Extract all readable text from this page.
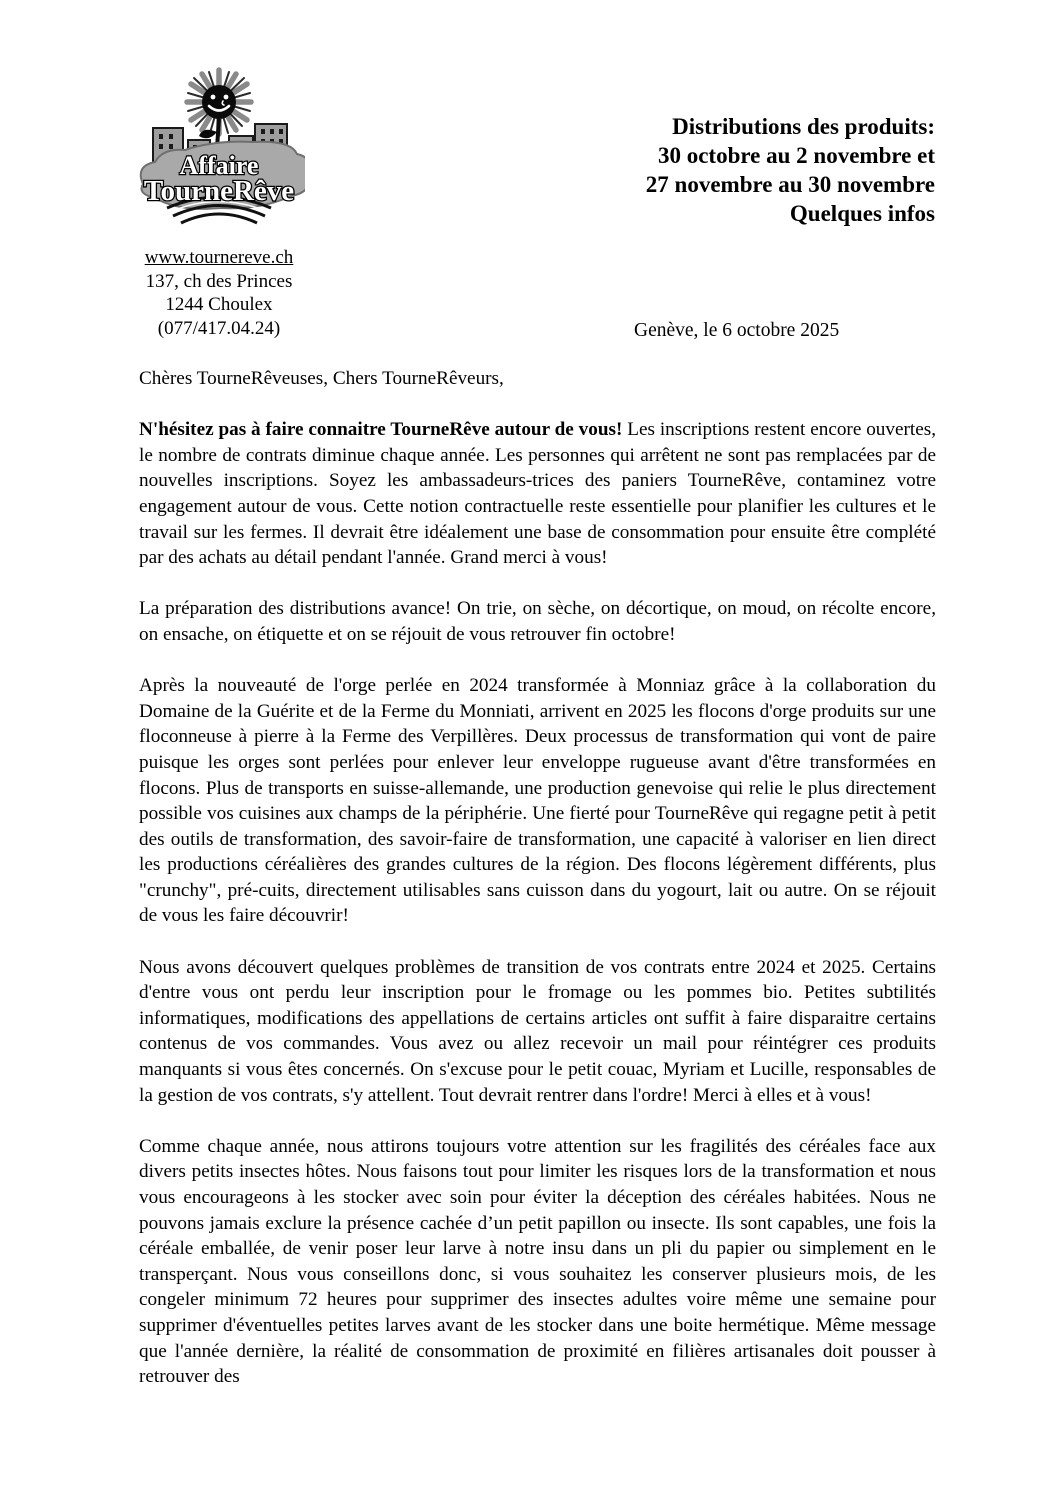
Affaire
TourneRêve
www.tournereve.ch
137, ch des Princes
1244 Choulex
(077/417.04.24)
Distributions des produits:
30 octobre au 2 novembre et
27 novembre au 30 novembre
Quelques infos
Genève, le 6 octobre 2025

Chères TourneRêveuses, Chers TourneRêveurs,

N'hésitez pas à faire connaitre TourneRêve autour de vous! Les inscriptions restent encore ouvertes, le nombre de contrats diminue chaque année. Les personnes qui arrêtent ne sont pas remplacées par de nouvelles inscriptions. Soyez les ambassadeurs-trices des paniers TourneRêve, contaminez votre engagement autour de vous. Cette notion contractuelle reste essentielle pour planifier les cultures et le travail sur les fermes. Il devrait être idéalement une base de consommation pour ensuite être complété par des achats au détail pendant l'année. Grand merci à vous!

La préparation des distributions avance! On trie, on sèche, on décortique, on moud, on récolte encore, on ensache, on étiquette et on se réjouit de vous retrouver fin octobre!

Après la nouveauté de l'orge perlée en 2024 transformée à Monniaz grâce à la collaboration du Domaine de la Guérite et de la Ferme du Monniati, arrivent en 2025 les flocons d'orge produits sur une floconneuse à pierre à la Ferme des Verpillères. Deux processus de transformation qui vont de paire puisque les orges sont perlées pour enlever leur enveloppe rugueuse avant d'être transformées en flocons. Plus de transports en suisse-allemande, une production genevoise qui relie le plus directement possible vos cuisines aux champs de la périphérie. Une fierté pour TourneRêve qui regagne petit à petit des outils de transformation, des savoir-faire de transformation, une capacité à valoriser en lien direct les productions céréalières des grandes cultures de la région. Des flocons légèrement différents, plus "crunchy", pré-cuits, directement utilisables sans cuisson dans du yogourt, lait ou autre. On se réjouit de vous les faire découvrir!

Nous avons découvert quelques problèmes de transition de vos contrats entre 2024 et 2025. Certains d'entre vous ont perdu leur inscription pour le fromage ou les pommes bio. Petites subtilités informatiques, modifications des appellations de certains articles ont suffit à faire disparaitre certains contenus de vos commandes. Vous avez ou allez recevoir un mail pour réintégrer ces produits manquants si vous êtes concernés. On s'excuse pour le petit couac, Myriam et Lucille, responsables de la gestion de vos contrats, s'y attellent. Tout devrait rentrer dans l'ordre! Merci à elles et à vous!

Comme chaque année, nous attirons toujours votre attention sur les fragilités des céréales face aux divers petits insectes hôtes. Nous faisons tout pour limiter les risques lors de la transformation et nous vous encourageons à les stocker avec soin pour éviter la déception des céréales habitées. Nous ne pouvons jamais exclure la présence cachée d’un petit papillon ou insecte. Ils sont capables, une fois la céréale emballée, de venir poser leur larve à notre insu dans un pli du papier ou simplement en le transperçant. Nous vous conseillons donc, si vous souhaitez les conserver plusieurs mois, de les congeler minimum 72 heures pour supprimer des insectes adultes voire même une semaine pour supprimer d'éventuelles petites larves avant de les stocker dans une boite hermétique. Même message que l'année dernière, la réalité de consommation de proximité en filières artisanales doit pousser à retrouver des
